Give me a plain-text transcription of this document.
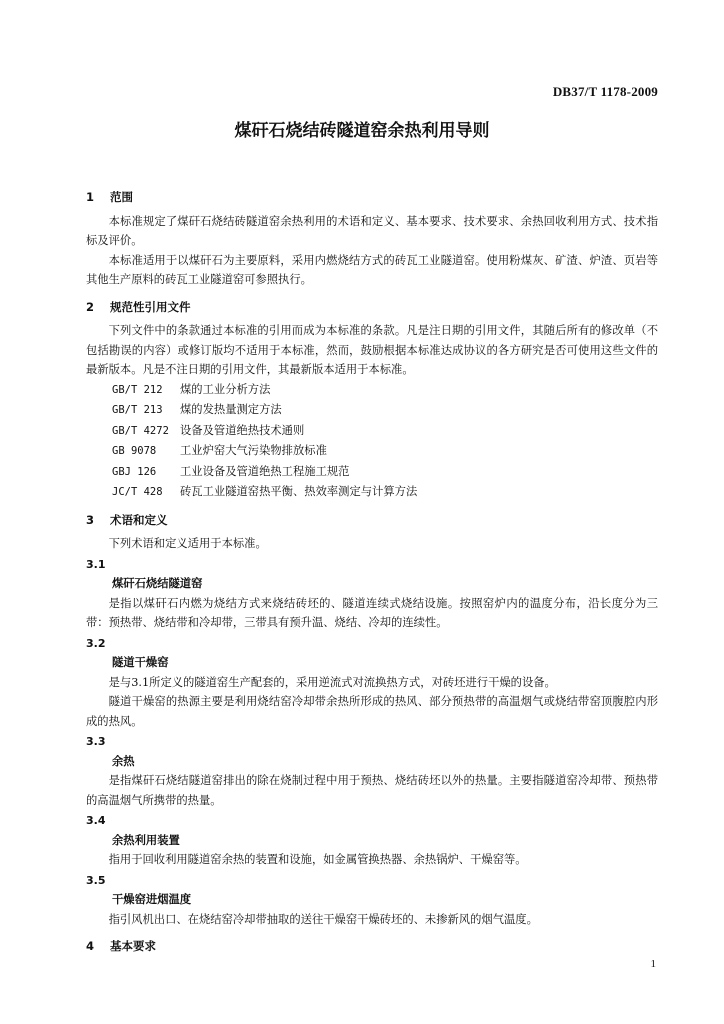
DB37/T 1178-2009
煤矸石烧结砖隧道窑余热利用导则
1 范围
本标准规定了煤矸石烧结砖隧道窑余热利用的术语和定义、基本要求、技术要求、余热回收利用方式、技术指标及评价。
本标准适用于以煤矸石为主要原料，采用内燃烧结方式的砖瓦工业隧道窑。使用粉煤灰、矿渣、炉渣、页岩等其他生产原料的砖瓦工业隧道窑可参照执行。
2 规范性引用文件
下列文件中的条款通过本标准的引用而成为本标准的条款。凡是注日期的引用文件，其随后所有的修改单（不包括勘误的内容）或修订版均不适用于本标准，然而，鼓励根据本标准达成协议的各方研究是否可使用这些文件的最新版本。凡是不注日期的引用文件，其最新版本适用于本标准。
GB/T 212 煤的工业分析方法
GB/T 213 煤的发热量测定方法
GB/T 4272 设备及管道绝热技术通则
GB 9078 工业炉窑大气污染物排放标准
GBJ 126 工业设备及管道绝热工程施工规范
JC/T 428 砖瓦工业隧道窑热平衡、热效率测定与计算方法
3 术语和定义
下列术语和定义适用于本标准。
3.1
煤矸石烧结隧道窑
是指以煤矸石内燃为烧结方式来烧结砖坯的、隧道连续式烧结设施。按照窑炉内的温度分布，沿长度分为三带：预热带、烧结带和冷却带，三带具有预升温、烧结、冷却的连续性。
3.2
隧道干燥窑
是与3.1所定义的隧道窑生产配套的，采用逆流式对流换热方式，对砖坯进行干燥的设备。
隧道干燥窑的热源主要是利用烧结窑冷却带余热所形成的热风、部分预热带的高温烟气或烧结带窑顶腹腔内形成的热风。
3.3
余热
是指煤矸石烧结隧道窑排出的除在烧制过程中用于预热、烧结砖坯以外的热量。主要指隧道窑冷却带、预热带的高温烟气所携带的热量。
3.4
余热利用装置
指用于回收利用隧道窑余热的装置和设施，如金属管换热器、余热锅炉、干燥窑等。
3.5
干燥窑进烟温度
指引风机出口、在烧结窑冷却带抽取的送往干燥窑干燥砖坯的、未掺新风的烟气温度。
4 基本要求
1
